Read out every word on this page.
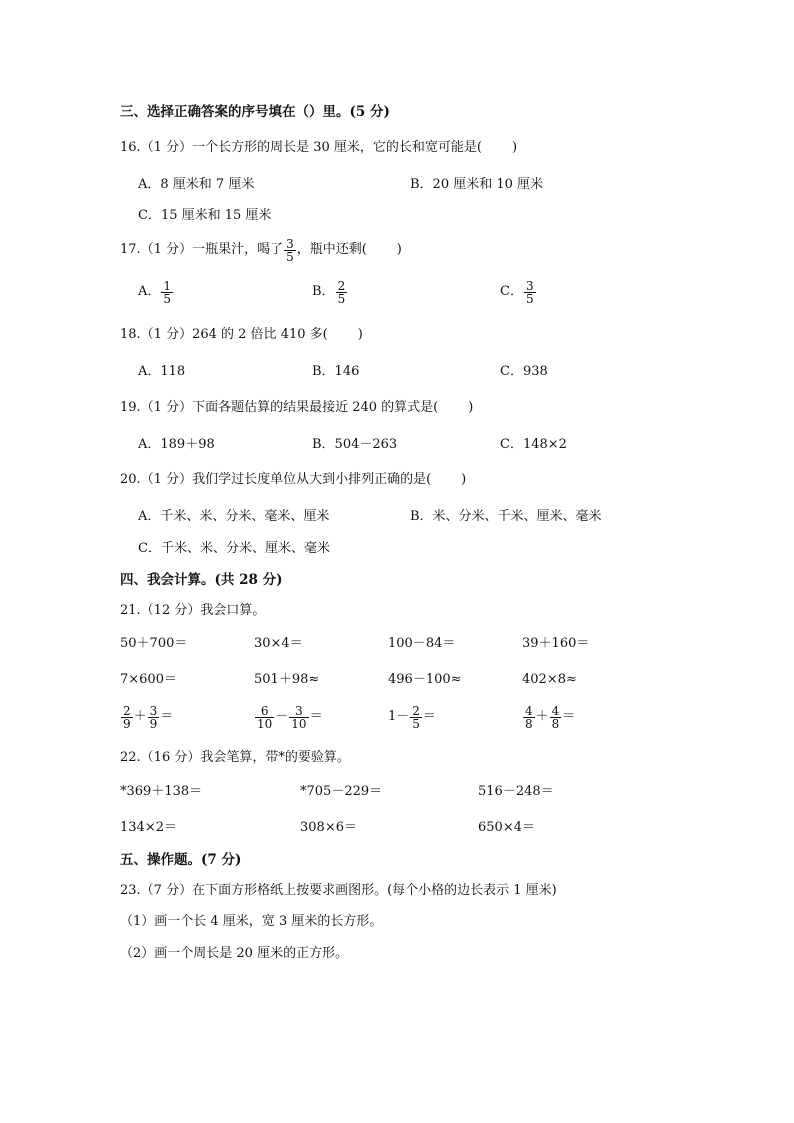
三、选择正确答案的序号填在（）里。(5 分)
16.（1 分）一个长方形的周长是 30 厘米，它的长和宽可能是( )
A．8 厘米和 7 厘米	B．20 厘米和 10 厘米
C．15 厘米和 15 厘米
17.（1 分）一瓶果汁，喝了 $\frac{3}{5}$ ，瓶中还剩( )
A． $\frac{1}{5}$	B． $\frac{2}{5}$	C． $\frac{3}{5}$
18.（1 分）264 的 2 倍比 410 多( )
A．118	B．146	C．938
19.（1 分）下面各题估算的结果最接近 240 的算式是( )
A．189＋98	B．504－263	C．148×2
20.（1 分）我们学过长度单位从大到小排列正确的是( )
A．千米、米、分米、毫米、厘米	B．米、分米、千米、厘米、毫米
C．千米、米、分米、厘米、毫米
四、我会计算。(共 28 分)
21.（12 分）我会口算。
50＋700＝	30×4＝	100－84＝	39＋160＝
7×600＝	501＋98≈	496－100≈	402×8≈
$\frac{2}{9} + \frac{3}{9}$ ＝	$\frac{6}{10} - \frac{3}{10}$ ＝	$1- \frac{2}{5}$ ＝	$\frac{4}{8} + \frac{4}{8}$ ＝
22.（16 分）我会笔算，带*的要验算。
*369＋138＝	*705－229＝	516－248＝
134×2＝	308×6＝	650×4＝
五、操作题。(7 分)
23.（7 分）在下面方形格纸上按要求画图形。(每个小格的边长表示 1 厘米)
（1）画一个长 4 厘米，宽 3 厘米的长方形。
（2）画一个周长是 20 厘米的正方形。
